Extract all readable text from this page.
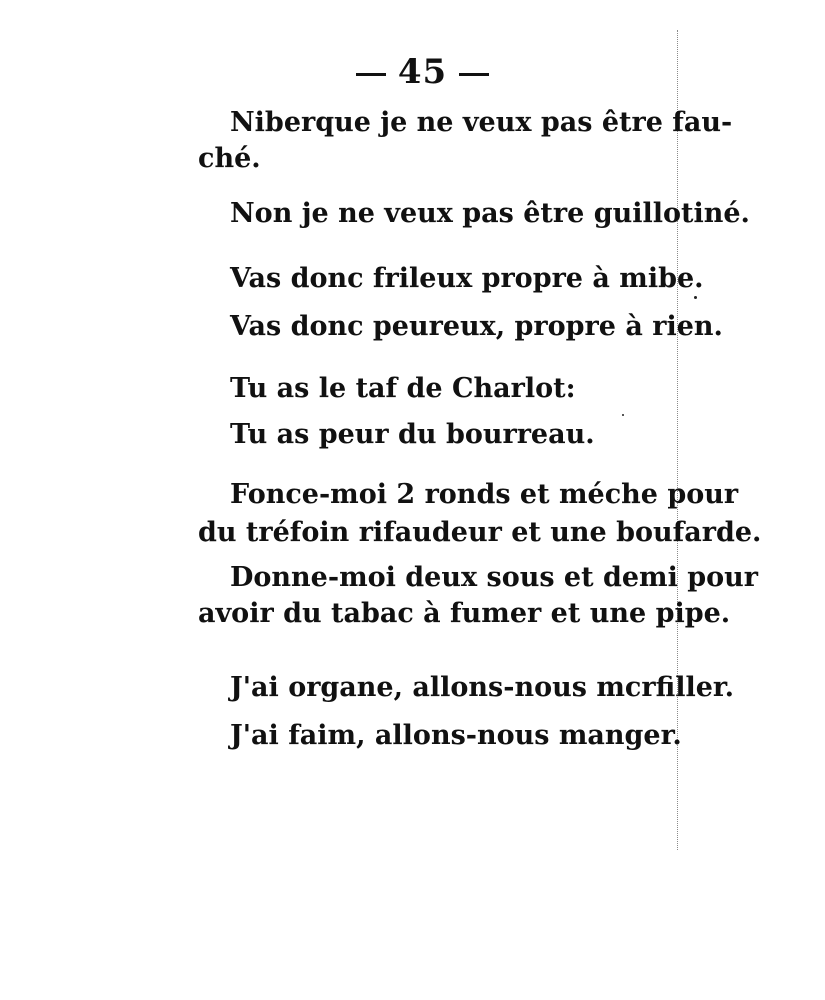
45
Niberque je ne veux pas être fau-
ché.
Non je ne veux pas être guillotiné.
Vas donc frileux propre à mibe.
Vas donc peureux, propre à rien.
Tu as le taf de Charlot:
Tu as peur du bourreau.
Fonce-moi 2 ronds et méche pour
du tréfoin rifaudeur et une boufarde.
Donne-moi deux sous et demi pour
avoir du tabac à fumer et une pipe.
J'ai organe, allons-nous mcrfiller.
J'ai faim, allons-nous manger.
